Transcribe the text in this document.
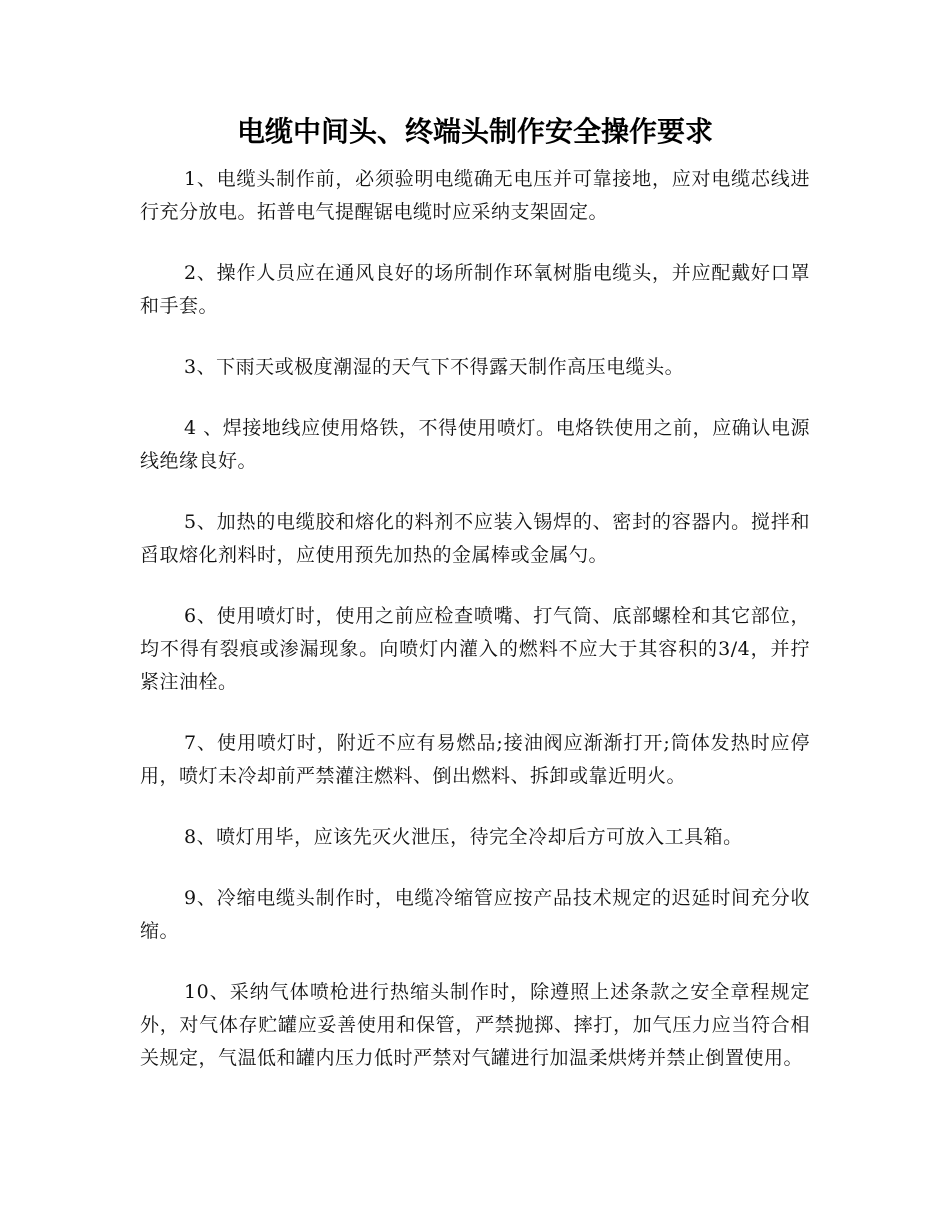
电缆中间头、终端头制作安全操作要求

1、电缆头制作前，必须验明电缆确无电压并可靠接地，应对电缆芯线进行充分放电。拓普电气提醒锯电缆时应采纳支架固定。

2、操作人员应在通风良好的场所制作环氧树脂电缆头，并应配戴好口罩和手套。

3、下雨天或极度潮湿的天气下不得露天制作高压电缆头。

4 、焊接地线应使用烙铁，不得使用喷灯。电烙铁使用之前，应确认电源线绝缘良好。

5、加热的电缆胶和熔化的料剂不应装入锡焊的、密封的容器内。搅拌和舀取熔化剂料时，应使用预先加热的金属棒或金属勺。

6、使用喷灯时，使用之前应检查喷嘴、打气筒、底部螺栓和其它部位，均不得有裂痕或渗漏现象。向喷灯内灌入的燃料不应大于其容积的3/4，并拧紧注油栓。

7、使用喷灯时，附近不应有易燃品;接油阀应渐渐打开;筒体发热时应停用，喷灯未冷却前严禁灌注燃料、倒出燃料、拆卸或靠近明火。

8、喷灯用毕，应该先灭火泄压，待完全冷却后方可放入工具箱。

9、冷缩电缆头制作时，电缆冷缩管应按产品技术规定的迟延时间充分收缩。

10、采纳气体喷枪进行热缩头制作时，除遵照上述条款之安全章程规定外，对气体存贮罐应妥善使用和保管，严禁抛掷、摔打，加气压力应当符合相关规定，气温低和罐内压力低时严禁对气罐进行加温柔烘烤并禁止倒置使用。
